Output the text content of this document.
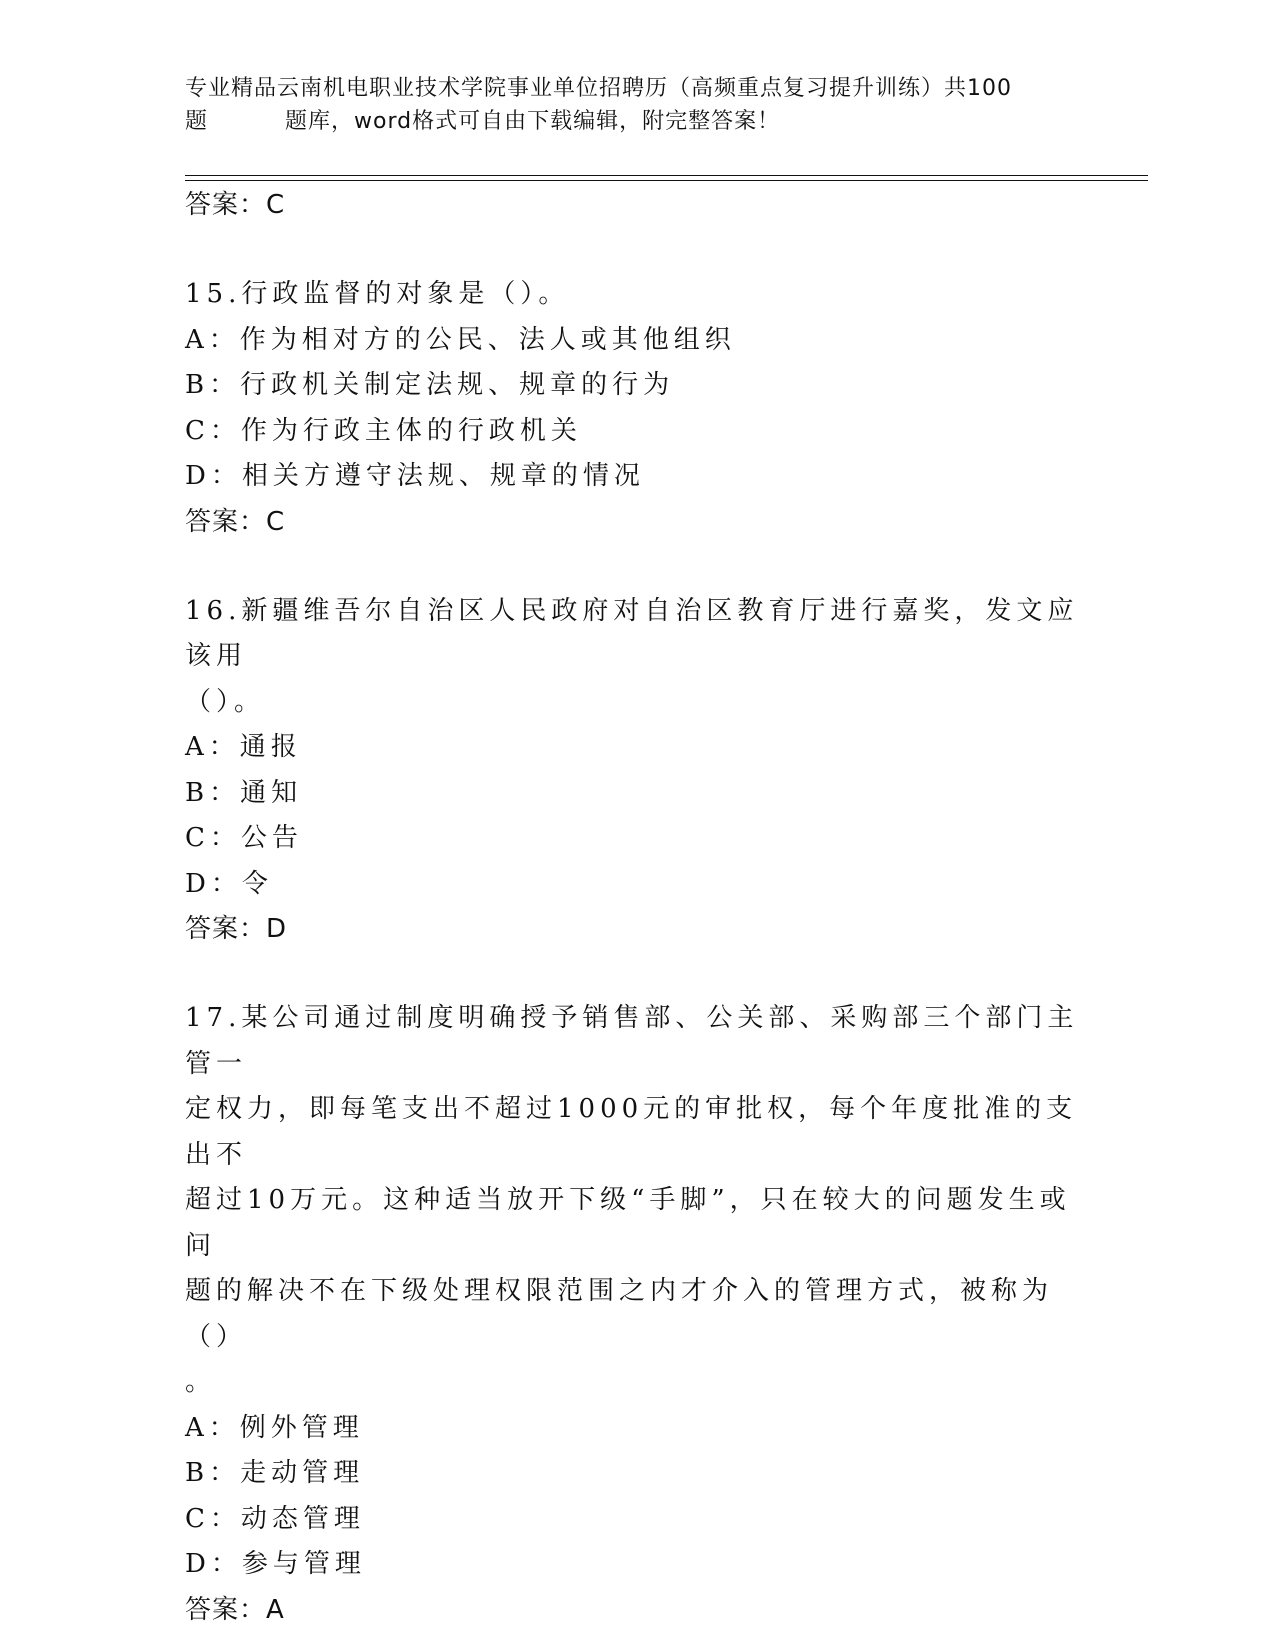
专业精品云南机电职业技术学院事业单位招聘历（高频重点复习提升训练）共100
题	题库，word格式可自由下载编辑，附完整答案！
答案：C
15.行政监督的对象是（）。
A：作为相对方的公民、法人或其他组织
B：行政机关制定法规、规章的行为
C：作为行政主体的行政机关
D：相关方遵守法规、规章的情况
答案：C
16.新疆维吾尔自治区人民政府对自治区教育厅进行嘉奖，发文应该用
（）。
A：通报
B：通知
C：公告
D：令
答案：D
17.某公司通过制度明确授予销售部、公关部、采购部三个部门主管一
定权力，即每笔支出不超过1000元的审批权，每个年度批准的支出不
超过10万元。这种适当放开下级“手脚”，只在较大的问题发生或问
题的解决不在下级处理权限范围之内才介入的管理方式，被称为（）
。
A：例外管理
B：走动管理
C：动态管理
D：参与管理
答案：A
